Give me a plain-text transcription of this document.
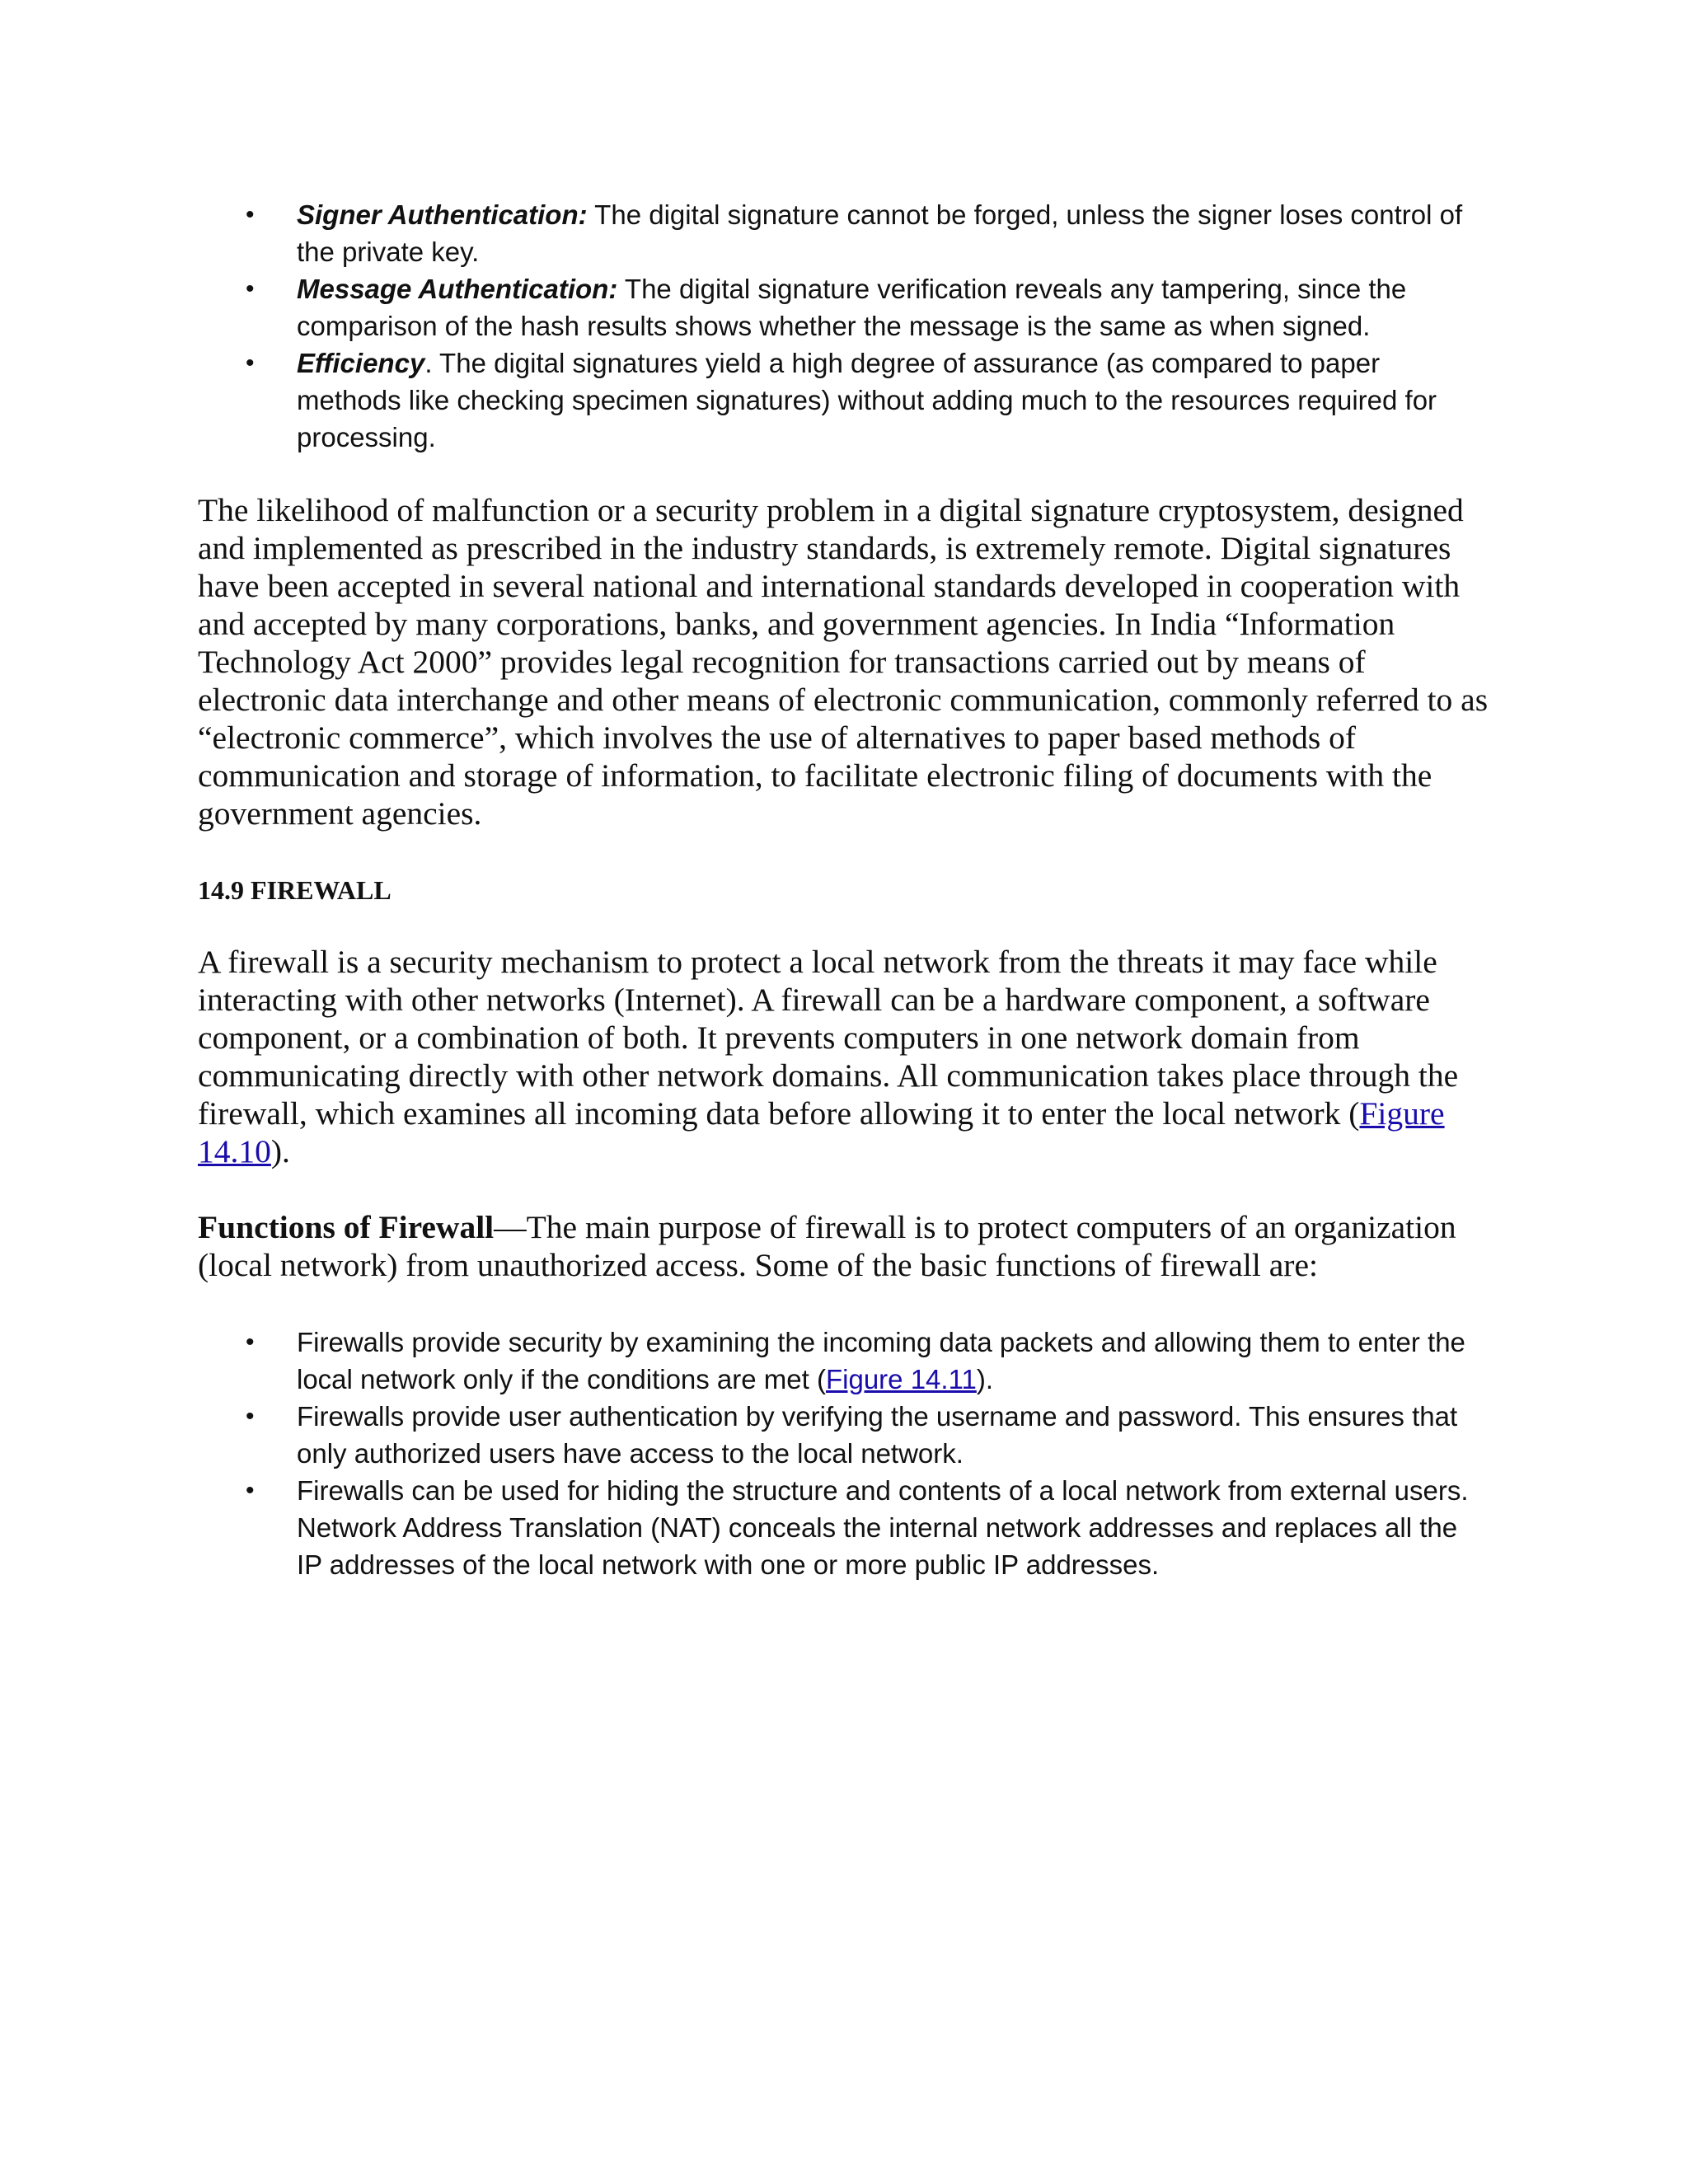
• Signer Authentication: The digital signature cannot be forged, unless the signer loses control of the private key.
• Message Authentication: The digital signature verification reveals any tampering, since the comparison of the hash results shows whether the message is the same as when signed.
• Efficiency. The digital signatures yield a high degree of assurance (as compared to paper methods like checking specimen signatures) without adding much to the resources required for processing.

The likelihood of malfunction or a security problem in a digital signature cryptosystem, designed and implemented as prescribed in the industry standards, is extremely remote. Digital signatures have been accepted in several national and international standards developed in cooperation with and accepted by many corporations, banks, and government agencies. In India “Information Technology Act 2000” provides legal recognition for transactions carried out by means of electronic data interchange and other means of electronic communication, commonly referred to as “electronic commerce”, which involves the use of alternatives to paper based methods of communication and storage of information, to facilitate electronic filing of documents with the government agencies.

14.9 FIREWALL

A firewall is a security mechanism to protect a local network from the threats it may face while interacting with other networks (Internet). A firewall can be a hardware component, a software component, or a combination of both. It prevents computers in one network domain from communicating directly with other network domains. All communication takes place through the firewall, which examines all incoming data before allowing it to enter the local network (Figure 14.10).

Functions of Firewall—The main purpose of firewall is to protect computers of an organization (local network) from unauthorized access. Some of the basic functions of firewall are:

• Firewalls provide security by examining the incoming data packets and allowing them to enter the local network only if the conditions are met (Figure 14.11).
• Firewalls provide user authentication by verifying the username and password. This ensures that only authorized users have access to the local network.
• Firewalls can be used for hiding the structure and contents of a local network from external users. Network Address Translation (NAT) conceals the internal network addresses and replaces all the IP addresses of the local network with one or more public IP addresses.
